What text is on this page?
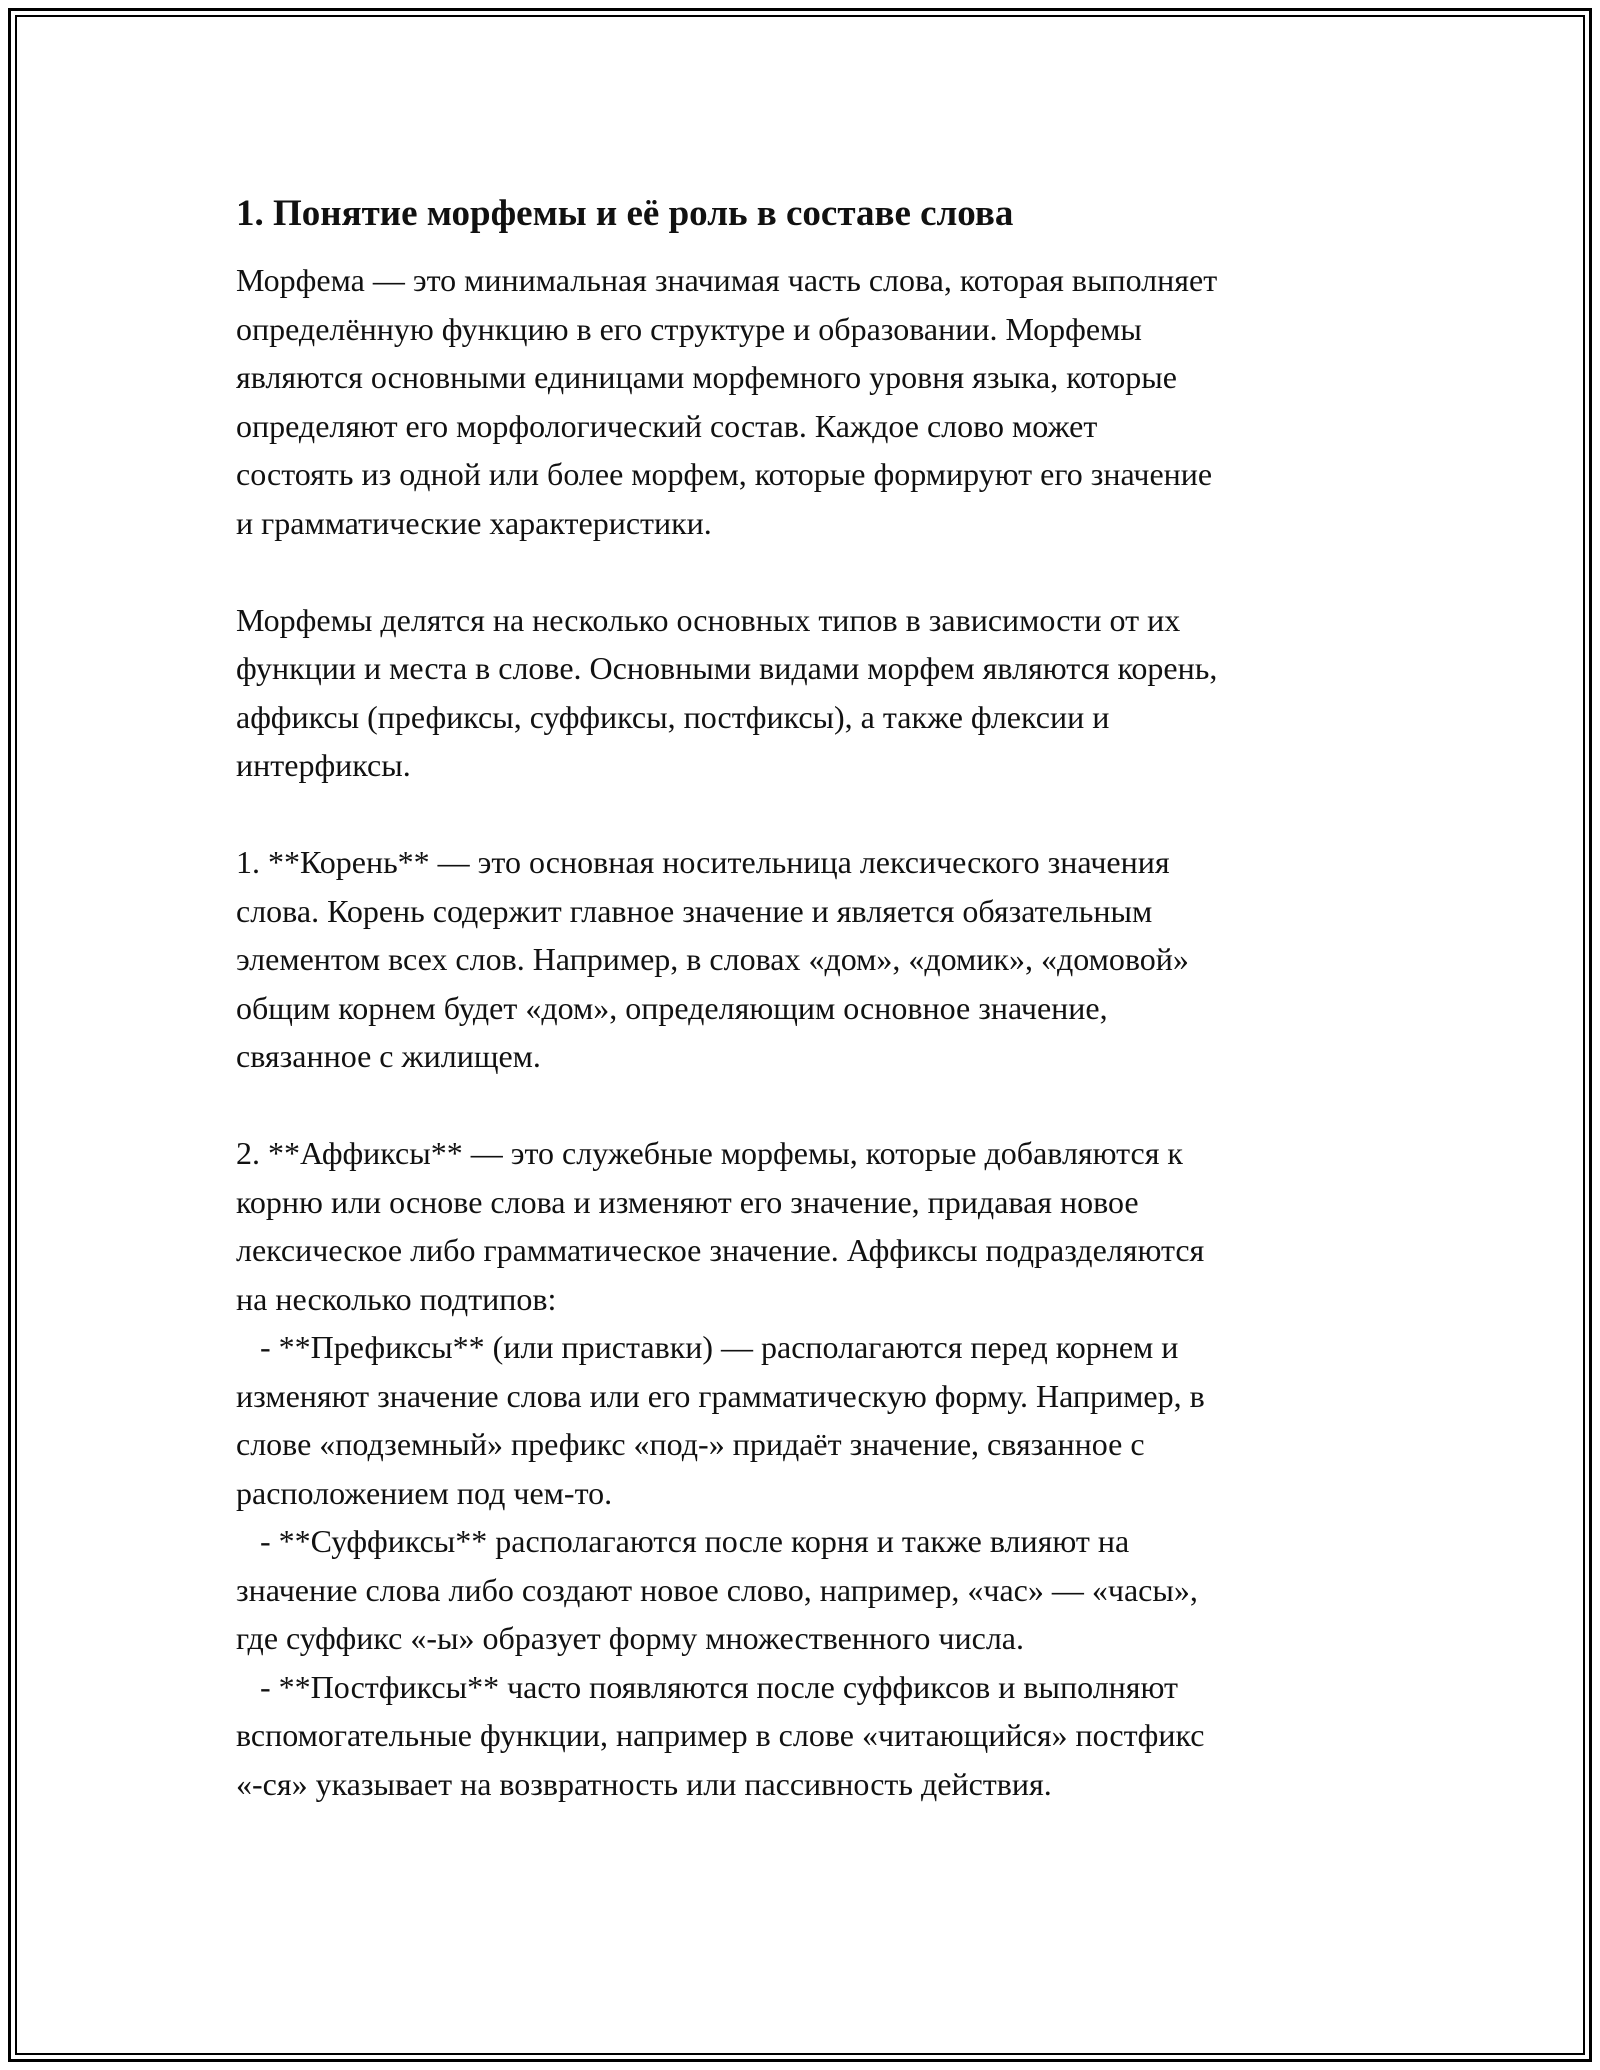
1. Понятие морфемы и её роль в составе слова

Морфема — это минимальная значимая часть слова, которая выполняет
определённую функцию в его структуре и образовании. Морфемы
являются основными единицами морфемного уровня языка, которые
определяют его морфологический состав. Каждое слово может
состоять из одной или более морфем, которые формируют его значение
и грамматические характеристики.

Морфемы делятся на несколько основных типов в зависимости от их
функции и места в слове. Основными видами морфем являются корень,
аффиксы (префиксы, суффиксы, постфиксы), а также флексии и
интерфиксы.

1. **Корень** — это основная носительница лексического значения
слова. Корень содержит главное значение и является обязательным
элементом всех слов. Например, в словах «дом», «домик», «домовой»
общим корнем будет «дом», определяющим основное значение,
связанное с жилищем.

2. **Аффиксы** — это служебные морфемы, которые добавляются к
корню или основе слова и изменяют его значение, придавая новое
лексическое либо грамматическое значение. Аффиксы подразделяются
на несколько подтипов:
- **Префиксы** (или приставки) — располагаются перед корнем и
изменяют значение слова или его грамматическую форму. Например, в
слове «подземный» префикс «под-» придаёт значение, связанное с
расположением под чем-то.
- **Суффиксы** располагаются после корня и также влияют на
значение слова либо создают новое слово, например, «час» — «часы»,
где суффикс «-ы» образует форму множественного числа.
- **Постфиксы** часто появляются после суффиксов и выполняют
вспомогательные функции, например в слове «читающийся» постфикс
«-ся» указывает на возвратность или пассивность действия.
